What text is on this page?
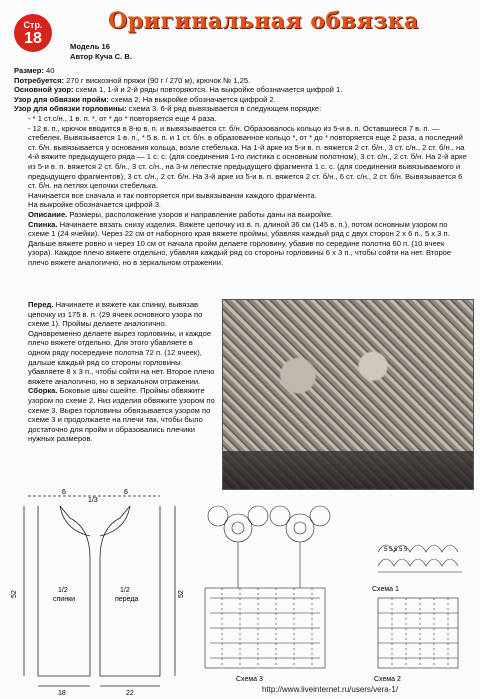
Стр.
18
Оригинальная обвязка
Модель 16
Автор Куча С. В.
Размер: 40
Потребуется: 270 г вискозной пряжи (90 г / 270 м), крючок № 1,25.
Основной узор: схема 1, 1-й и 2-й ряды повторяются. На выкройке обозначается цифрой 1.
Узор для обвязки пройм: схема 2. На выкройке обозначается цифрой 2.
Узор для обвязки горловины: схема 3. 6-й ряд вывязывается в следующем порядке:
- * 1 ст.с/н., 1 в. п. *, от * до * повторяется еще 4 раза.
- 12 в. п., крючок вводится в 8-ю в. п. и вывязывается ст. б/н. Образовалось кольцо из 5-и в. п. Оставшиеся 7 в. п. — стебелек. Вывязывается 1 в. п., * 5 в. п. и 1 ст. б/н. в образованное кольцо *, от * до * повторяется еще 2 раза, а последний ст. б/н. вывязывается у основания кольца, возле стебелька. На 1-й арке из 5-и в. п. вяжется 2 ст. б/н., 3 ст. с/н., 2 ст. б/н., на 4-й вяжите предыдущего ряда — 1 с. с. (для соединения 1-го листика с основным полотном), 3 ст. с/н., 2 ст. б/н. На 2-й арке из 5-и в. п. вяжется 2 ст. б/н., 3 ст. с/н., на 3-м лепестке предыдущего фрагмента 1 с. с. (для соединения вывязываемого и предыдущего фрагментов), 3 ст. с/н., 2 ст. б/н. На 3-й арке из 5-и в. п. вяжется 2 ст. б/н., 6 ст. с/н., 2 ст. б/н. Вывязывается 6 ст. б/н. на петлях цепочки стебелька.
Начинается все сначала и так повторяется при вывязывании каждого фрагмента.
На выкройке обозначается цифрой 3.
Описание. Размеры, расположение узоров и направление работы даны на выкройке.
Спинка. Начинаете вязать снизу изделия. Вяжете цепочку из в. п. длиной 36 см (145 в. п.), потом основным узором по схеме 1 (24 ячейки). Через 22 см от наборного края вяжете проймы, убавляя каждый ряд с двух сторон 2 х 6 п., 5 х 3 п. Дальше вяжете ровно и через 10 см от начала пройм делаете горловину, убавив по середине полотна 60 п. (10 ячеек узора). Каждое плечо вяжете отдельно, убавляя каждый ряд со стороны горловины 6 х 3 п., чтобы сойти на нет. Второе плечо вяжете аналогично, но в зеркальном отражении.
Перед. Начинаете и вяжете как спинку, вывязав цепочку из 175 в. п. (29 ячеек основного узора по схеме 1). Проймы делаете аналогично. Одновременно делаете вырез горловины, и каждое плечо вяжете отдельно. Для этого убавляете в одном ряду посередине полотна 72 п. (12 ячеек), дальше каждый ряд со стороны горловины убавляете 8 х 3 п., чтобы сойти на нет. Второе плечо вяжете аналогично, но в зеркальном отражении.
Сборка. Боковые швы сшейте. Проймы обвяжите узором по схеме 2. Низ изделия обвяжите узором по схеме 3. Вырез горловины обвязывается узором по схеме 3 и продолжаете на плечи так, чтобы было достаточно для пройм и образовались плечики нужных размеров.
6	6
1/3
52	52
1/2
спинки
1/2
переда
18	22
Схема 3
5 5 5 5 5
Схема 1
Схема 2
http://www.liveinternet.ru/users/vera-1/
